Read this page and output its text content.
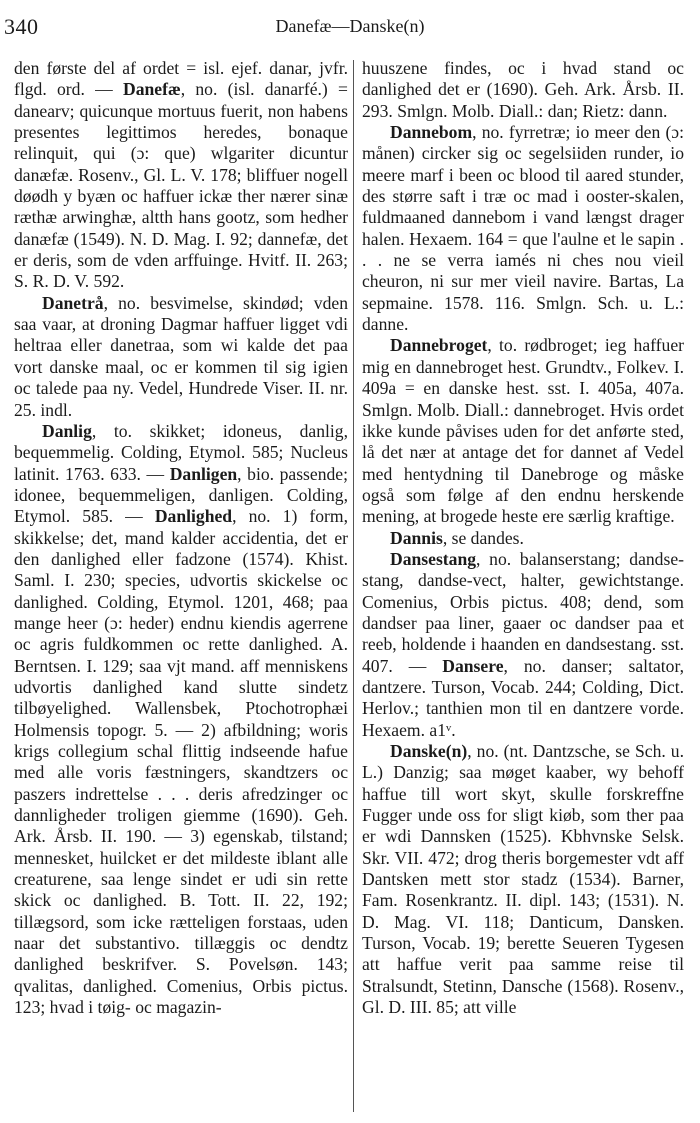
340	Danefæ—Danske(n)

den første del af ordet = isl. ejef. danar, jvfr. flgd. ord. — Danefæ, no. (isl. danarfé.) = danearv; quicunque mortuus fuerit, non habens presentes legittimos heredes, bonaque relinquit, qui (ɔ: que) wlgariter dicuntur danæfæ. Rosenv., Gl. L. V. 178; bliffuer nogell døødh y byæn oc haffuer ickæ ther nærer sinæ ræthæ arwinghæ, altth hans gootz, som hedher danæfæ (1549). N. D. Mag. I. 92; dannefæ, det er deris, som de vden arffuinge. Hvitf. II. 263; S. R. D. V. 592.

Danetrå, no. besvimelse, skindød; vden saa vaar, at droning Dagmar haffuer ligget vdi heltraa eller danetraa, som wi kalde det paa vort danske maal, oc er kommen til sig igien oc talede paa ny. Vedel, Hundrede Viser. II. nr. 25. indl.

Danlig, to. skikket; idoneus, danlig, bequemmelig. Colding, Etymol. 585; Nucleus latinit. 1763. 633. — Danligen, bio. passende; idonee, bequemmeligen, danligen. Colding, Etymol. 585. — Danlighed, no. 1) form, skikkelse; det, mand kalder accidentia, det er den danlighed eller fadzone (1574). Khist. Saml. I. 230; species, udvortis skickelse oc danlighed. Colding, Etymol. 1201, 468; paa mange heer (ɔ: heder) endnu kiendis agerrene oc agris fuldkommen oc rette danlighed. A. Berntsen. I. 129; saa vjt mand. aff menniskens udvortis danlighed kand slutte sindetz tilbøyelighed. Wallensbek, Ptochotrophæi Holmensis topogr. 5. — 2) afbildning; woris krigs collegium schal flittig indseende hafue med alle voris fæstningers, skandtzers oc paszers indrettelse . . . deris afredzinger oc dannligheder troligen giemme (1690). Geh. Ark. Årsb. II. 190. — 3) egenskab, tilstand; mennesket, huilcket er det mildeste iblant alle creaturene, saa lenge sindet er udi sin rette skick oc danlighed. B. Tott. II. 22, 192; tillægsord, som icke rætteligen forstaas, uden naar det substantivo. tillæggis oc dendtz danlighed beskrifver. S. Povelsøn. 143; qvalitas, danlighed. Comenius, Orbis pictus. 123; hvad i tøig- oc magazin-

huuszene findes, oc i hvad stand oc danlighed det er (1690). Geh. Ark. Årsb. II. 293. Smlgn. Molb. Diall.: dan; Rietz: dann.

Dannebom, no. fyrretræ; io meer den (ɔ: månen) circker sig oc segelsiiden runder, io meere marf i been oc blood til aared stunder, des større saft i træ oc mad i ooster-skalen, fuldmaaned dannebom i vand længst drager halen. Hexaem. 164 = que l'aulne et le sapin . . . ne se verra iamés ni ches nou vieil cheuron, ni sur mer vieil navire. Bartas, La sepmaine. 1578. 116. Smlgn. Sch. u. L.: danne.

Dannebroget, to. rødbroget; ieg haffuer mig en dannebroget hest. Grundtv., Folkev. I. 409a = en danske hest. sst. I. 405a, 407a. Smlgn. Molb. Diall.: dannebroget. Hvis ordet ikke kunde påvises uden for det anførte sted, lå det nær at antage det for dannet af Vedel med hentydning til Danebroge og måske også som følge af den endnu herskende mening, at brogede heste ere særlig kraftige.

Dannis, se dandes.

Dansestang, no. balanserstang; dandse-stang, dandse-vect, halter, gewichtstange. Comenius, Orbis pictus. 408; dend, som dandser paa liner, gaaer oc dandser paa et reeb, holdende i haanden en dandsestang. sst. 407. — Dansere, no. danser; saltator, dantzere. Turson, Vocab. 244; Colding, Dict. Herlov.; tanthien mon til en dantzere vorde. Hexaem. a1ᵛ.

Danske(n), no. (nt. Dantzsche, se Sch. u. L.) Danzig; saa møget kaaber, wy behoff haffue till wort skyt, skulle forskreffne Fugger unde oss for sligt kiøb, som ther paa er wdi Dannsken (1525). Kbhvnske Selsk. Skr. VII. 472; drog theris borgemester vdt aff Dantsken mett stor stadz (1534). Barner, Fam. Rosenkrantz. II. dipl. 143; (1531). N. D. Mag. VI. 118; Danticum, Dansken. Turson, Vocab. 19; berette Seueren Tygesen att haffue verit paa samme reise til Stralsundt, Stetinn, Dansche (1568). Rosenv., Gl. D. III. 85; att ville
